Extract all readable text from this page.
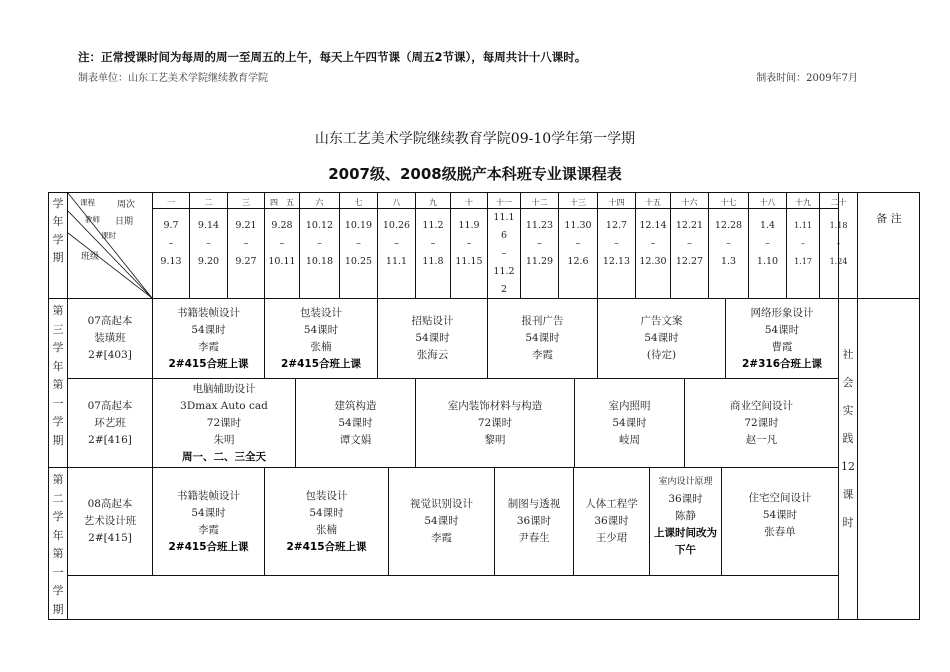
注：正常授课时间为每周的周一至周五的上午，每天上午四节课（周五2节课），每周共计十八课时。
制表单位：山东工艺美术学院继续教育学院	制表时间：2009年7月
山东工艺美术学院继续教育学院09-10学年第一学期
2007级、2008级脱产本科班专业课课程表
课程 周次
教师 日期
课时
班级
学
年
学
期
一
9.7
–
9.13
二
9.14
–
9.20
三
9.21
–
9.27
四　五
9.28
–
10.11
六
10.12
–
10.18
七
10.19
–
10.25
八
10.26
–
11.1
九
11.2
–
11.8
十
11.9
–
11.15
十一
11.1
6
–
11.2
2
十二
11.23
–
11.29
十三
11.30
–
12.6
十四
12.7
–
12.13
十五
12.14
–
12.30
十六
12.21
–
12.27
十七
12.28
–
1.3
十八
1.4
–
1.10
十九
1.11
–
1.17
二十
1.18
–
1.24
备 注
第
三
学
年
第
一
学
期
第
二
学
年
第
一
学
期
社
会
实
践
12
课
时
07高起本
装璜班
2#[403]
07高起本
环艺班
2#[416]
08高起本
艺术设计班
2#[415]
书籍装帧设计
54课时
李霞
2#415合班上课
包装设计
54课时
张楠
2#415合班上课
招贴设计
54课时
张海云
报刊广告
54课时
李霞
广告文案
54课时
(待定)
网络形象设计
54课时
曹霞
2#316合班上课
电脑辅助设计
3Dmax Auto cad
72课时
朱明
周一、二、三全天
建筑构造
54课时
谭文娟
室内装饰材料与构造
72课时
黎明
室内照明
54课时
岐周
商业空间设计
72课时
赵一凡
书籍装帧设计
54课时
李霞
2#415合班上课
包装设计
54课时
张楠
2#415合班上课
视觉识别设计
54课时
李霞
制图与透视
36课时
尹春生
人体工程学
36课时
王少珺
室内设计原理
36课时
陈静
上课时间改为下午
住宅空间设计
54课时
张春单
